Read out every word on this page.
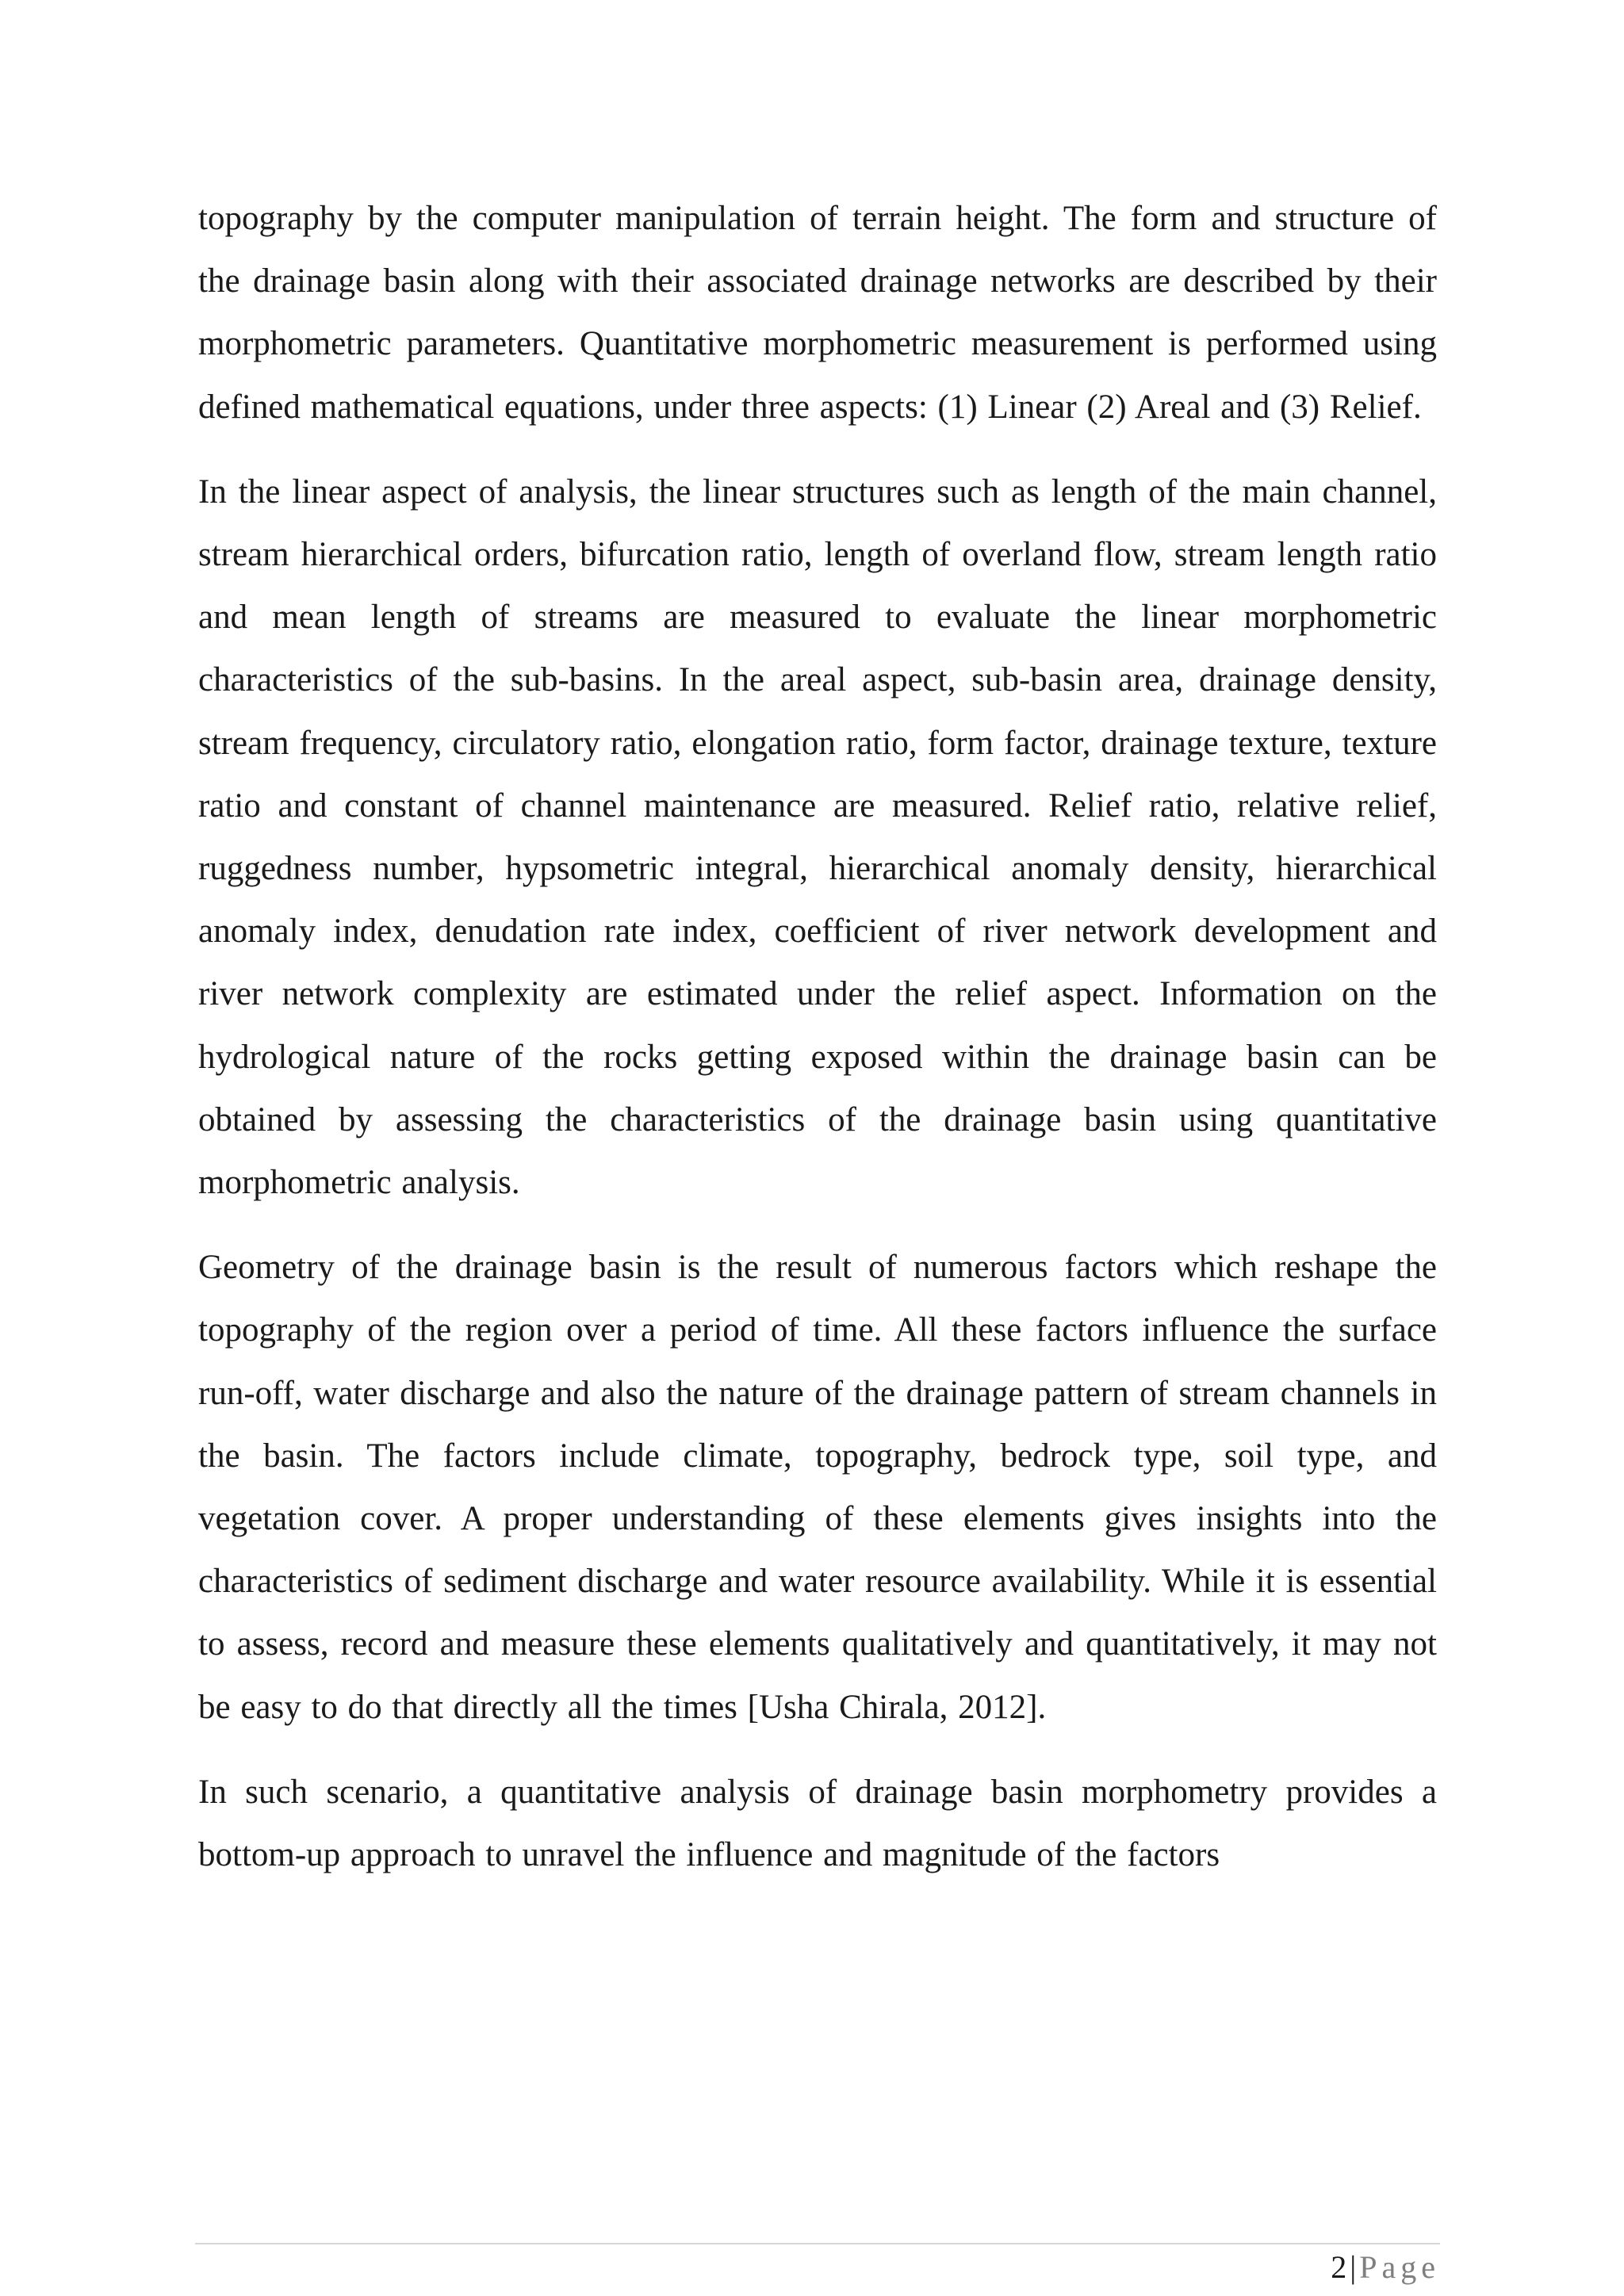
topography by the computer manipulation of terrain height. The form and structure of the drainage basin along with their associated drainage networks are described by their morphometric parameters. Quantitative morphometric measurement is performed using defined mathematical equations, under three aspects: (1) Linear (2) Areal and (3) Relief.

In the linear aspect of analysis, the linear structures such as length of the main channel, stream hierarchical orders, bifurcation ratio, length of overland flow, stream length ratio and mean length of streams are measured to evaluate the linear morphometric characteristics of the sub-basins. In the areal aspect, sub-basin area, drainage density, stream frequency, circulatory ratio, elongation ratio, form factor, drainage texture, texture ratio and constant of channel maintenance are measured. Relief ratio, relative relief, ruggedness number, hypsometric integral, hierarchical anomaly density, hierarchical anomaly index, denudation rate index, coefficient of river network development and river network complexity are estimated under the relief aspect. Information on the hydrological nature of the rocks getting exposed within the drainage basin can be obtained by assessing the characteristics of the drainage basin using quantitative morphometric analysis.

Geometry of the drainage basin is the result of numerous factors which reshape the topography of the region over a period of time. All these factors influence the surface run-off, water discharge and also the nature of the drainage pattern of stream channels in the basin. The factors include climate, topography, bedrock type, soil type, and vegetation cover. A proper understanding of these elements gives insights into the characteristics of sediment discharge and water resource availability. While it is essential to assess, record and measure these elements qualitatively and quantitatively, it may not be easy to do that directly all the times [Usha Chirala, 2012].

In such scenario, a quantitative analysis of drainage basin morphometry provides a bottom-up approach to unravel the influence and magnitude of the factors

2 | Page
